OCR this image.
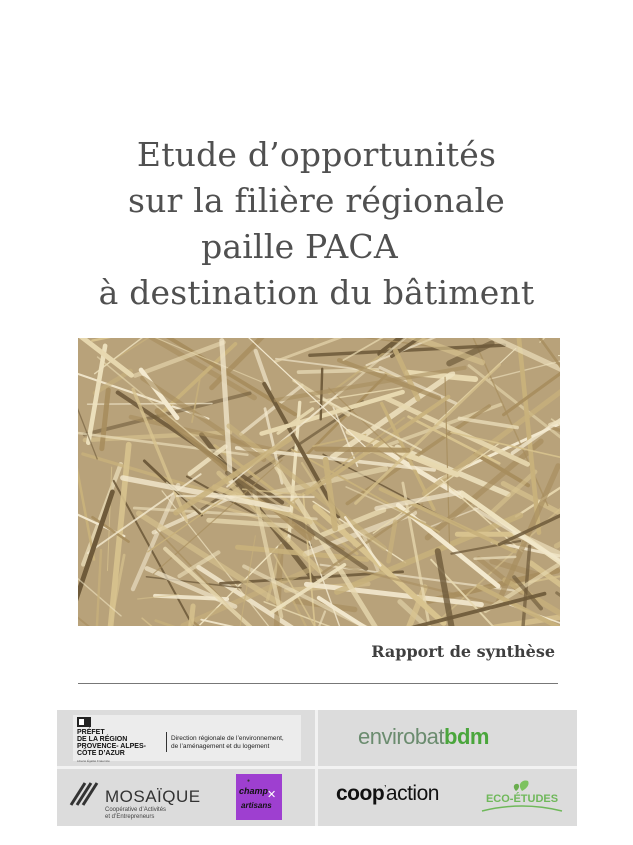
Etude d’opportunités
sur la filière régionale
paille PACA
à destination du bâtiment
Rapport de synthèse
PRÉFET
DE LA RÉGION
PROVENCE- ALPES-
CÔTE D’AZUR
Liberté Égalité Fraternité
Direction régionale de l’environnement,
de l’aménagement et du logement	envirobatbdm
MOSAÏQUE
Coopérative d’Activités
et d’Entrepreneurs
●
champ
✕
artisans
coop’action	ECO-ÉTUDES
